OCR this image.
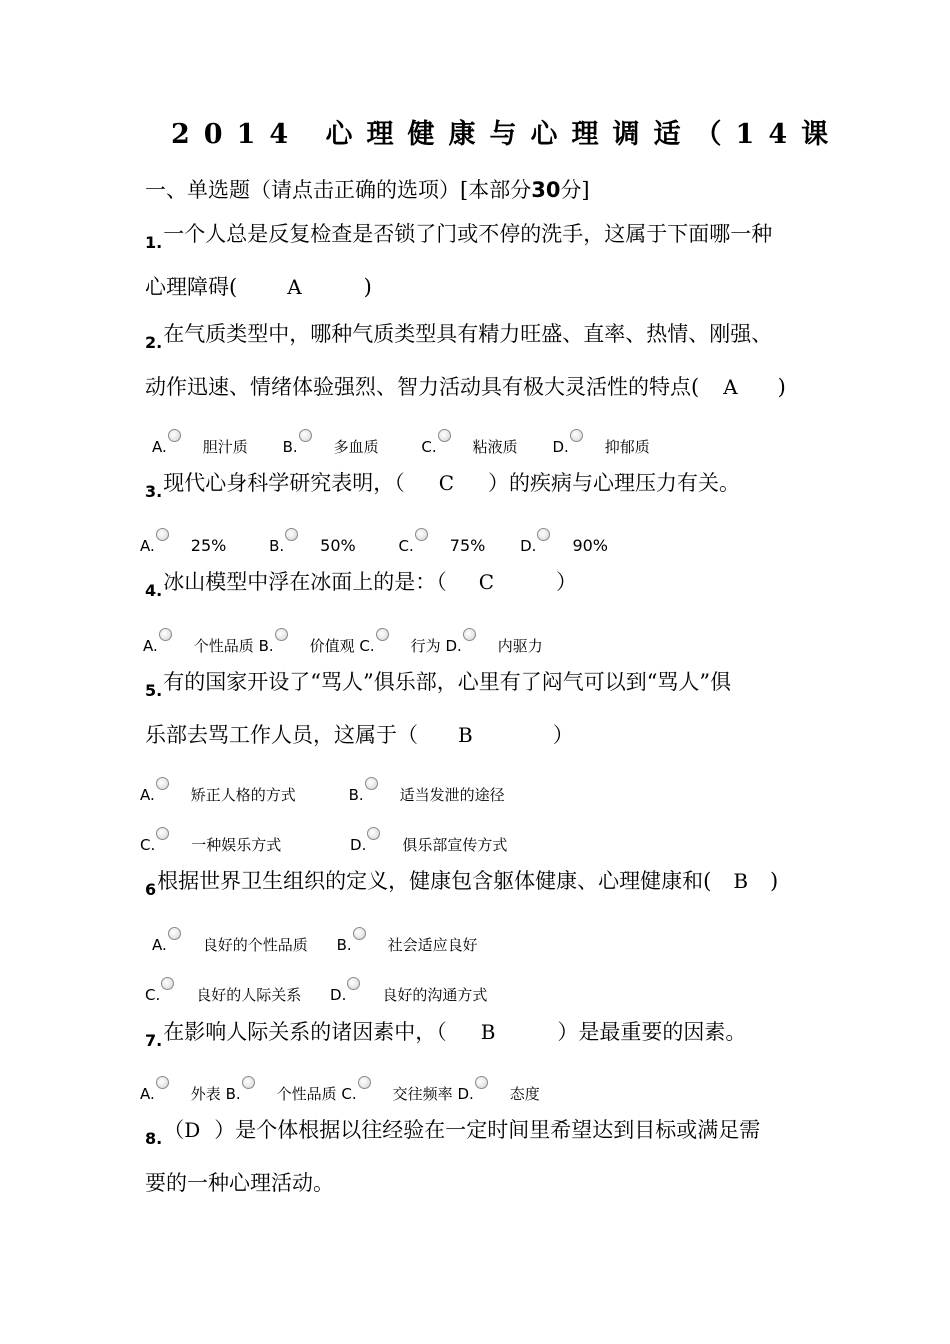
2014 心理健康与心理调适（14课
一、单选题（请点击正确的选项）[本部分30分]
$_{1.}$一个人总是反复检查是否锁了门或不停的洗手，这属于下面哪一种
心理障碍(	A	)
$_{2.}$在气质类型中，哪种气质类型具有精力旺盛、直率、热情、刚强、
动作迅速、情绪体验强烈、智力活动具有极大灵活性的特点( A )
A. 胆汁质 B. 多血质	C. 粘液质 D. 抑郁质
$_{3.}$现代心身科学研究表明，（ C ）的疾病与心理压力有关。
A. 25%	B. 50%	C. 75% D. 90%
$_{4.}$冰山模型中浮在冰面上的是：（ C	）
A. 个性品质 B. 价值观 C. 行为 D. 内驱力
$_{5.}$有的国家开设了“骂人”俱乐部，心里有了闷气可以到“骂人”俱
乐部去骂工作人员，这属于（ B	）
A. 矫正人格的方式	B. 适当发泄的途径
C. 一种娱乐方式	D. 俱乐部宣传方式
$_6$根据世界卫生组织的定义，健康包含躯体健康、心理健康和( B )
A. 良好的个性品质 B. 社会适应良好
C. 良好的人际关系 D. 良好的沟通方式
$_{7.}$在影响人际关系的诸因素中，（ B	）是最重要的因素。
A. 外表 B. 个性品质 C. 交往频率 D. 态度
$_{8.}$（D ）是个体根据以往经验在一定时间里希望达到目标或满足需
要的一种心理活动。
